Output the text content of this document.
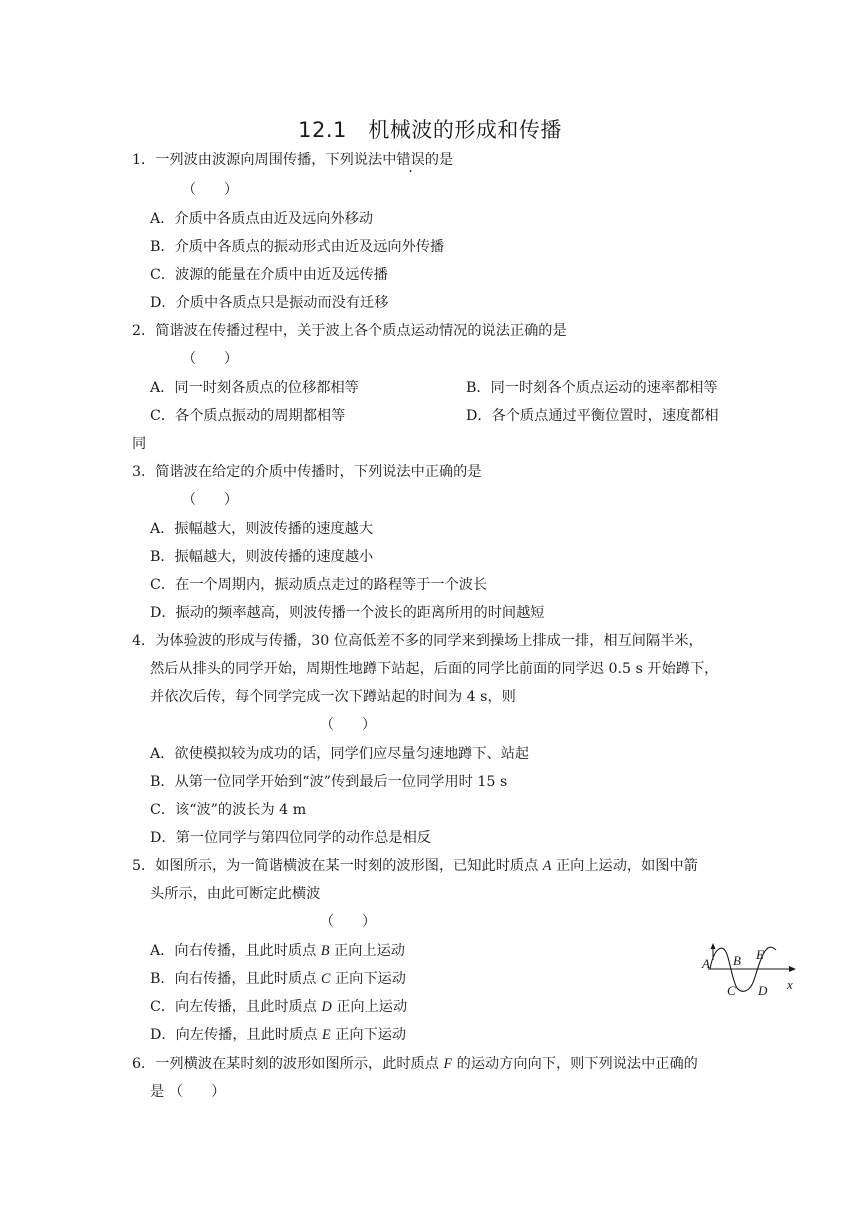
12.1　机械波的形成和传播
1．一列波由波源向周围传播，下列说法中错误的是
（　　）
A．介质中各质点由近及远向外移动
B．介质中各质点的振动形式由近及远向外传播
C．波源的能量在介质中由近及远传播
D．介质中各质点只是振动而没有迁移
2．简谐波在传播过程中，关于波上各个质点运动情况的说法正确的是
（　　）
A．同一时刻各质点的位移都相等	B．同一时刻各个质点运动的速率都相等
C．各个质点振动的周期都相等	D．各个质点通过平衡位置时，速度都相
同
3．简谐波在给定的介质中传播时，下列说法中正确的是
（　　）
A．振幅越大，则波传播的速度越大
B．振幅越大，则波传播的速度越小
C．在一个周期内，振动质点走过的路程等于一个波长
D．振动的频率越高，则波传播一个波长的距离所用的时间越短
4．为体验波的形成与传播，30 位高低差不多的同学来到操场上排成一排，相互间隔半米，
然后从排头的同学开始，周期性地蹲下站起，后面的同学比前面的同学迟 0.5 s 开始蹲下，
并依次后传，每个同学完成一次下蹲站起的时间为 4 s，则
（　　）
A．欲使模拟较为成功的话，同学们应尽量匀速地蹲下、站起
B．从第一位同学开始到“波”传到最后一位同学用时 15 s
C．该“波”的波长为 4 m
D．第一位同学与第四位同学的动作总是相反
5．如图所示，为一简谐横波在某一时刻的波形图，已知此时质点 A 正向上运动，如图中箭
头所示，由此可断定此横波
（　　）
A．向右传播，且此时质点 B 正向上运动
B．向右传播，且此时质点 C 正向下运动
C．向左传播，且此时质点 D 正向上运动
D．向左传播，且此时质点 E 正向下运动
A B
C D
E
x
6．一列横波在某时刻的波形如图所示，此时质点 F 的运动方向向下，则下列说法中正确的
是 （　　）
